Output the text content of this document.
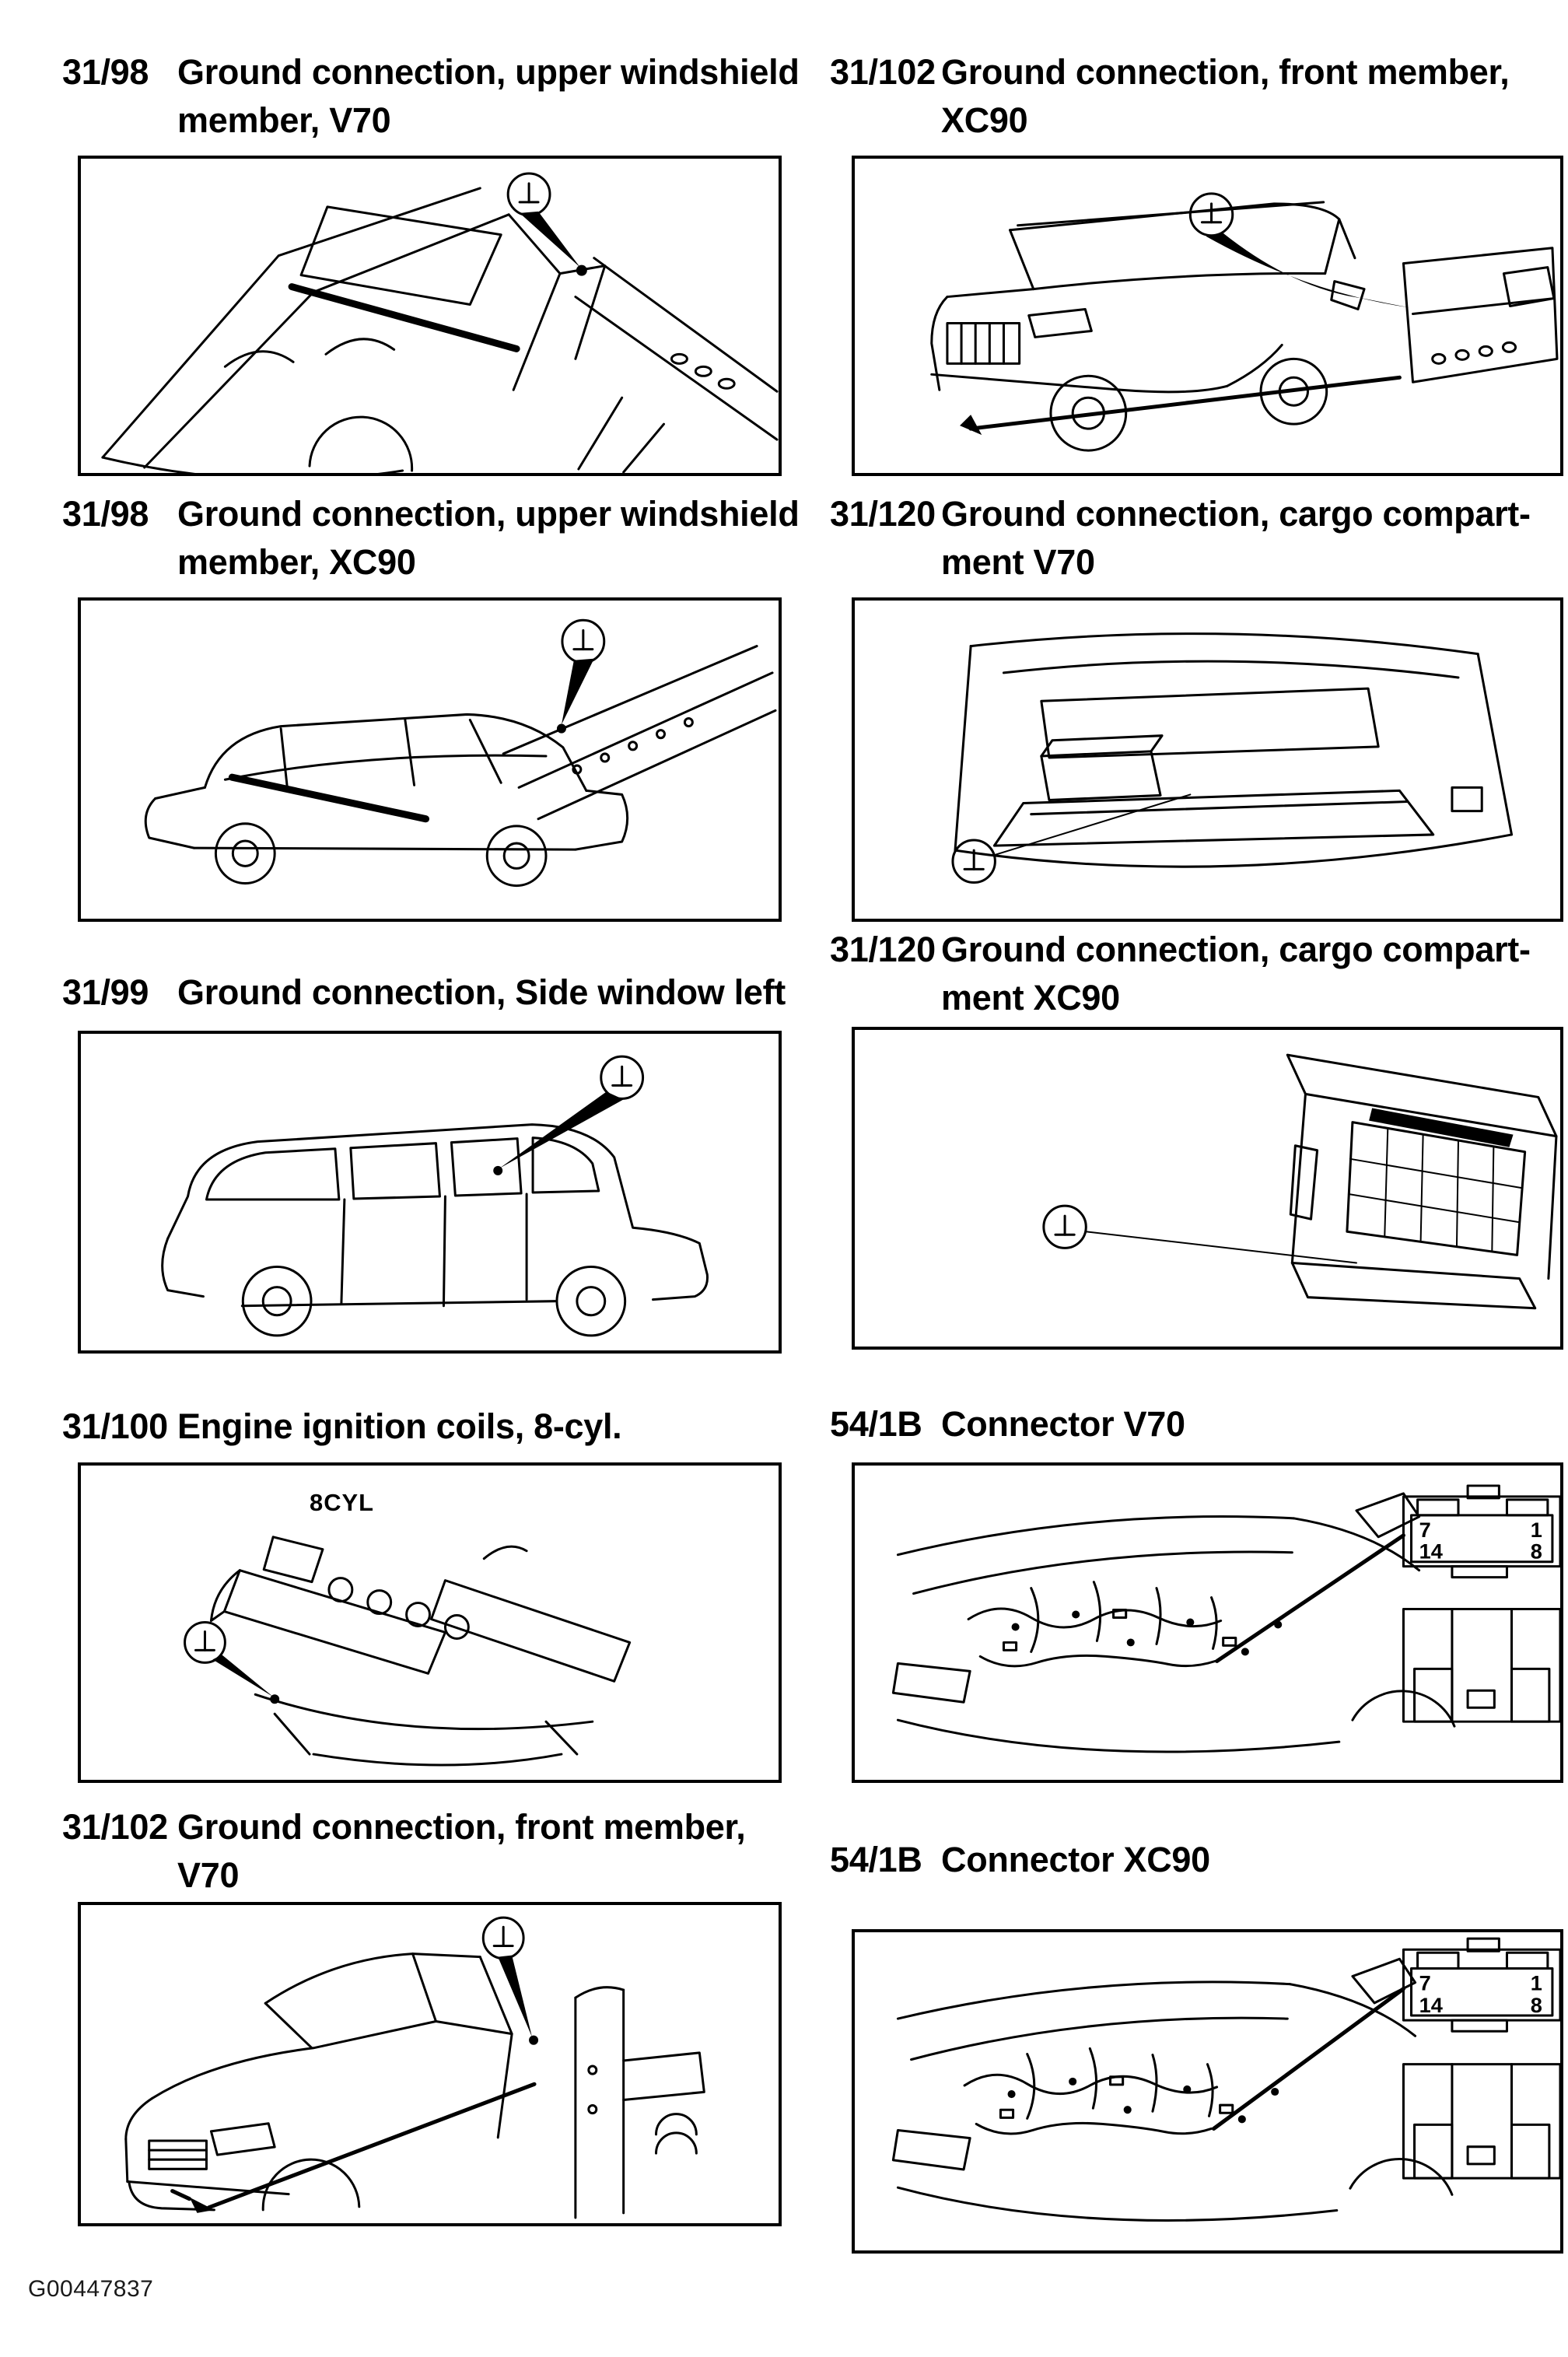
31/98 Ground connection, upper windshield
member, V70
31/98 Ground connection, upper windshield
member, XC90
31/99 Ground connection, Side window left
31/100 Engine ignition coils, 8-cyl.
8CYL
31/102 Ground connection, front member,
V70
31/102 Ground connection, front member,
XC90
31/120 Ground connection, cargo compart-
ment V70
31/120 Ground connection, cargo compart-
ment XC90
54/1B Connector V70
7	1
14	8
54/1B Connector XC90
7	1
14	8
G00447837
